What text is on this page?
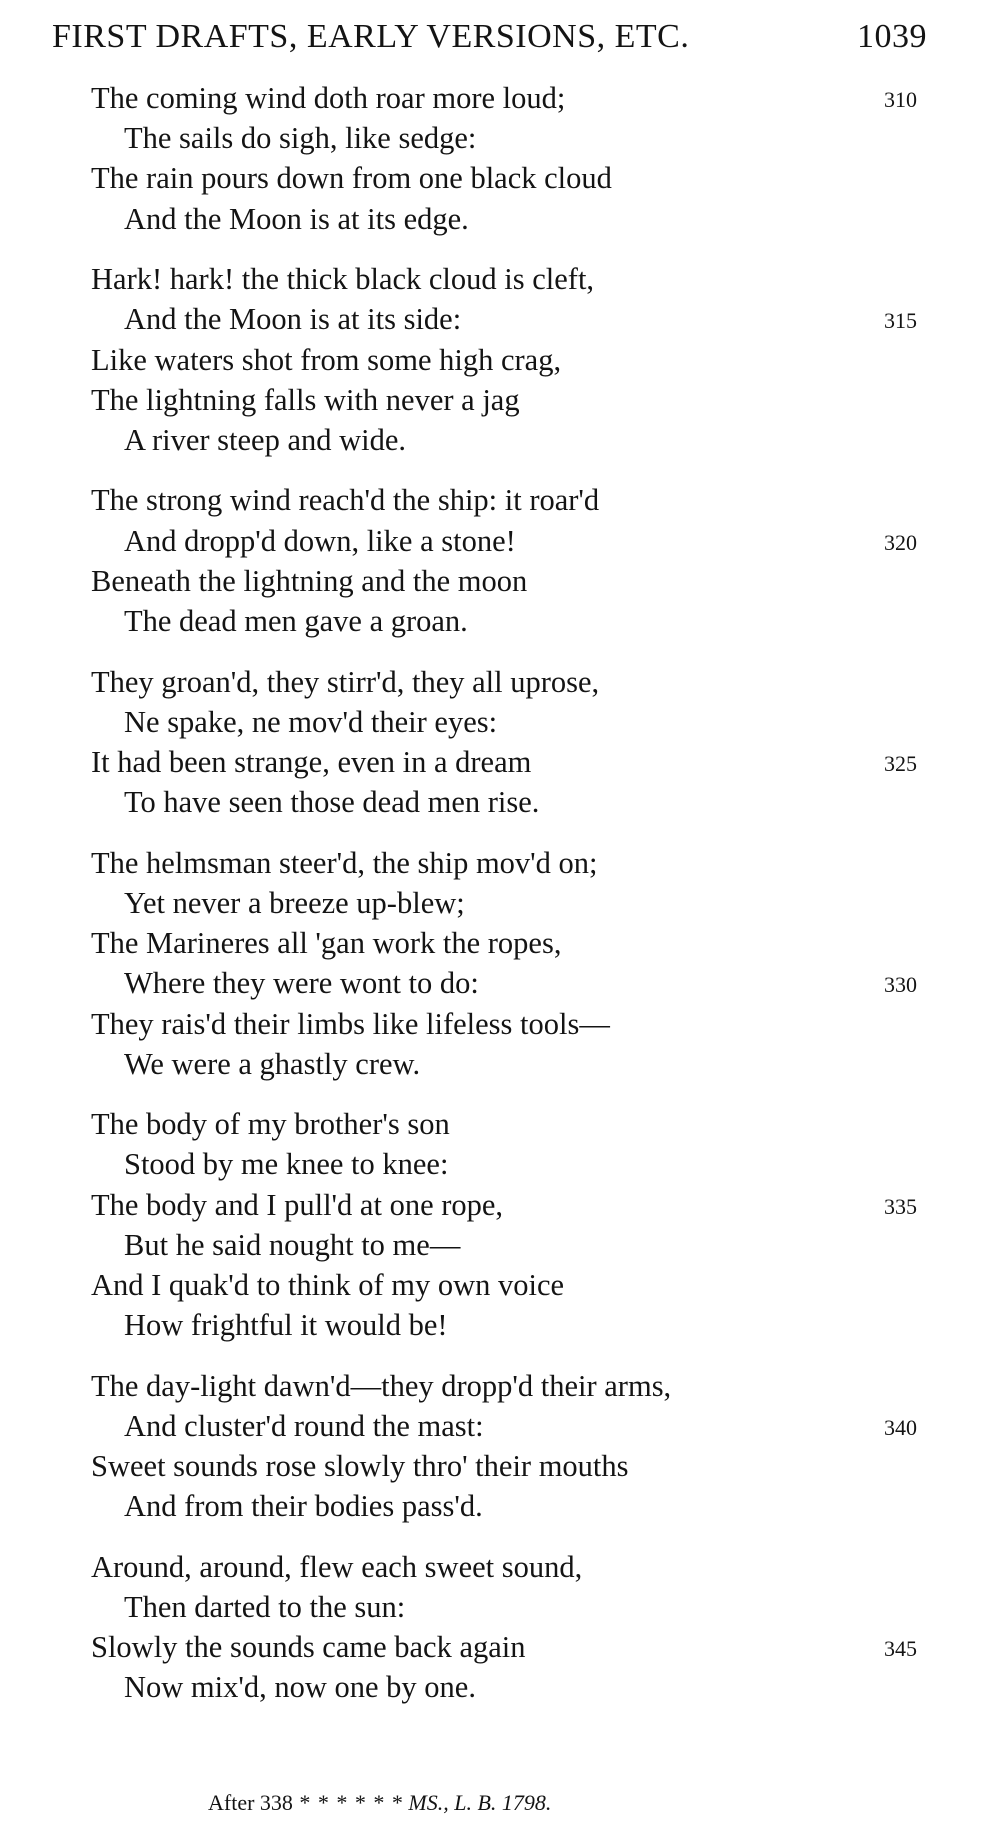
FIRST DRAFTS, EARLY VERSIONS, ETC.	1039
The coming wind doth roar more loud;	310
The sails do sigh, like sedge:
The rain pours down from one black cloud
And the Moon is at its edge.
Hark! hark! the thick black cloud is cleft,
And the Moon is at its side:	315
Like waters shot from some high crag,
The lightning falls with never a jag
A river steep and wide.
The strong wind reach'd the ship: it roar'd
And dropp'd down, like a stone!	320
Beneath the lightning and the moon
The dead men gave a groan.
They groan'd, they stirr'd, they all uprose,
Ne spake, ne mov'd their eyes:
It had been strange, even in a dream	325
To have seen those dead men rise.
The helmsman steer'd, the ship mov'd on;
Yet never a breeze up-blew;
The Marineres all 'gan work the ropes,
Where they were wont to do:	330
They rais'd their limbs like lifeless tools—
We were a ghastly crew.
The body of my brother's son
Stood by me knee to knee:
The body and I pull'd at one rope,	335
But he said nought to me—
And I quak'd to think of my own voice
How frightful it would be!
The day-light dawn'd—they dropp'd their arms,
And cluster'd round the mast:	340
Sweet sounds rose slowly thro' their mouths
And from their bodies pass'd.
Around, around, flew each sweet sound,
Then darted to the sun:
Slowly the sounds came back again	345
Now mix'd, now one by one.
After 338 * * * * * * MS., L. B. 1798.
